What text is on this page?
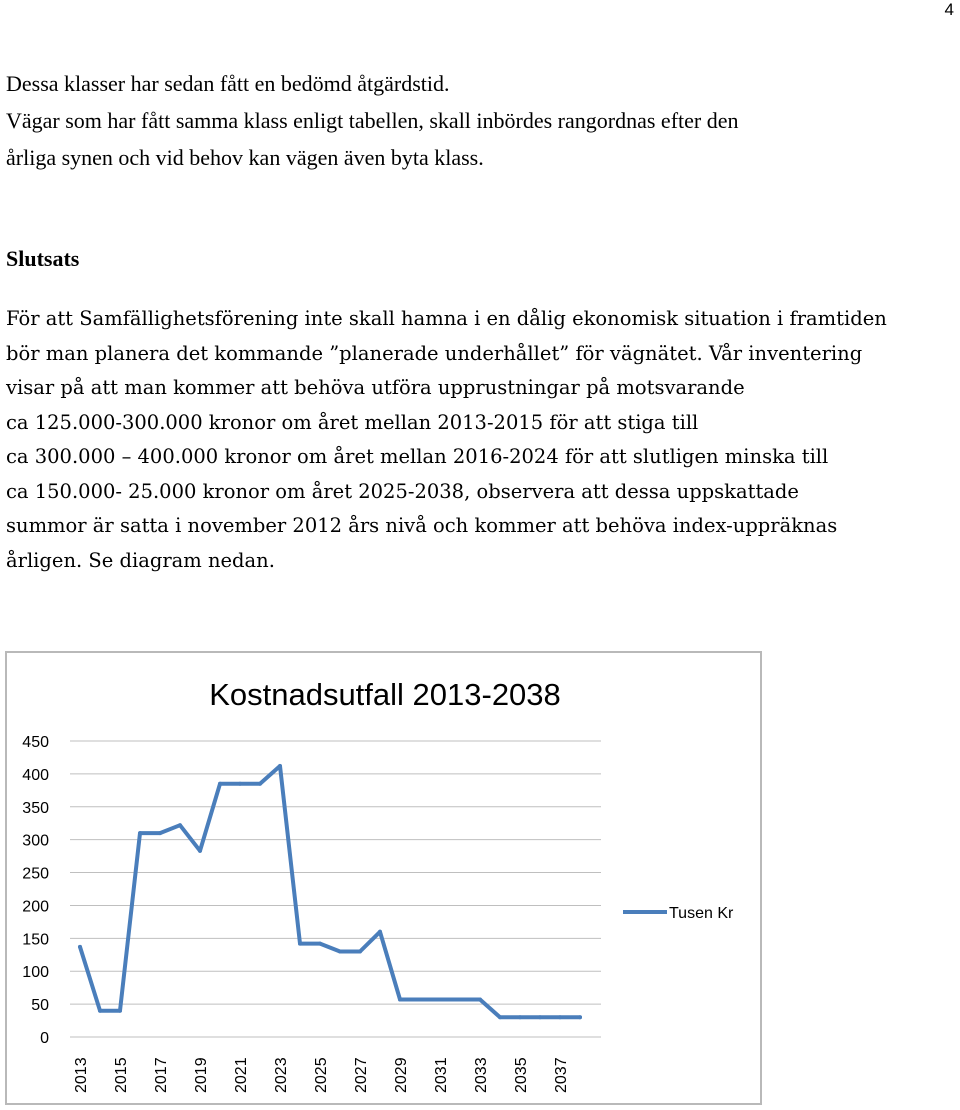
4

Dessa klasser har sedan fått en bedömd åtgärdstid.
Vägar som har fått samma klass enligt tabellen, skall inbördes rangordnas efter den
årliga synen och vid behov kan vägen även byta klass.

Slutsats

För att Samfällighetsförening inte skall hamna i en dålig ekonomisk situation i framtiden
bör man planera det kommande ”planerade underhållet” för vägnätet. Vår inventering
visar på att man kommer att behöva utföra upprustningar på motsvarande
ca 125.000-300.000 kronor om året mellan 2013-2015 för att stiga till
ca 300.000 – 400.000 kronor om året mellan 2016-2024 för att slutligen minska till
ca 150.000- 25.000 kronor om året 2025-2038, observera att dessa uppskattade
summor är satta i november 2012 års nivå och kommer att behöva index-uppräknas
årligen. Se diagram nedan.

Kostnadsutfall 2013-2038
0
50
100
150
200
250
300
350
400
450
2013 2015 2017 2019 2021 2023 2025 2027 2029 2031 2033 2035 2037
Tusen Kr
